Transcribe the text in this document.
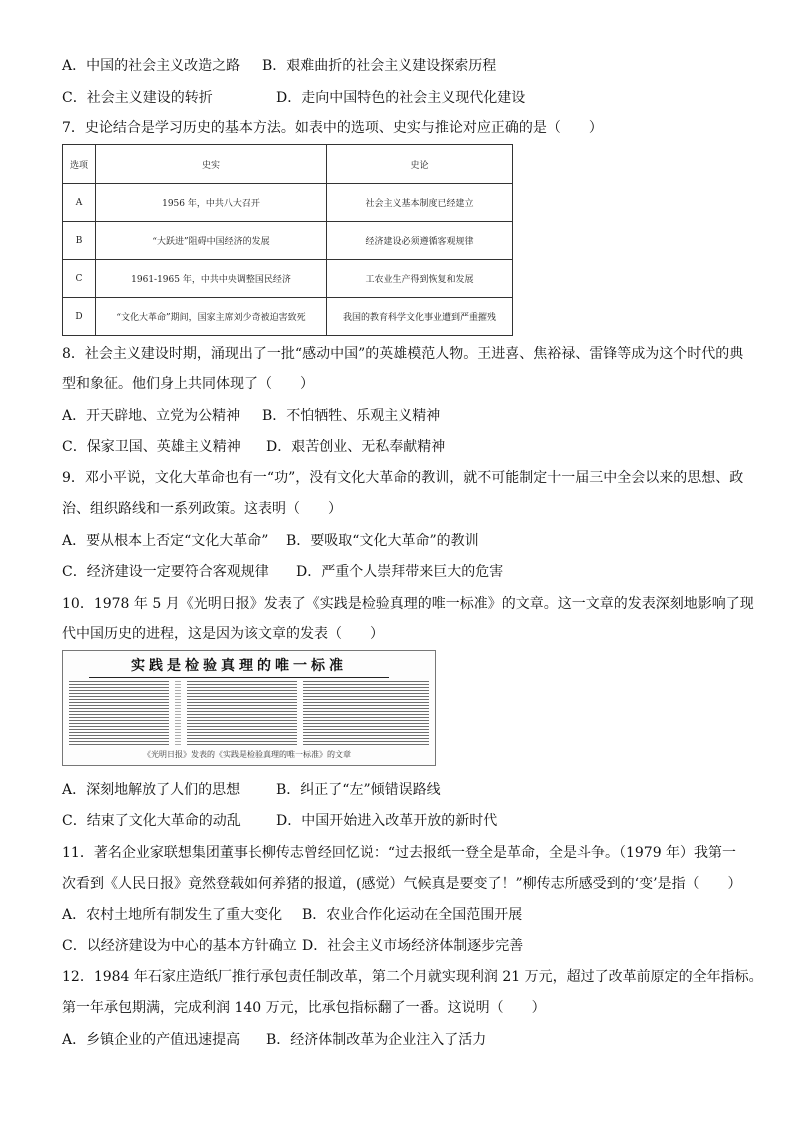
A．中国的社会主义改造之路 B．艰难曲折的社会主义建设探索历程
C．社会主义建设的转折	D．走向中国特色的社会主义现代化建设
7．史论结合是学习历史的基本方法。如表中的选项、史实与推论对应正确的是（　　）
选项	史实	史论
A	1956 年，中共八大召开	社会主义基本制度已经建立
B	“大跃进”阻碍中国经济的发展	经济建设必须遵循客观规律
C	1961-1965 年，中共中央调整国民经济	工农业生产得到恢复和发展
D	“文化大革命”期间，国家主席刘少奇被迫害致死	我国的教育科学文化事业遭到严重摧残
8．社会主义建设时期，涌现出了一批“感动中国”的英雄模范人物。王进喜、焦裕禄、雷锋等成为这个时代的典
型和象征。他们身上共同体现了（　　）
A．开天辟地、立党为公精神 B．不怕牺牲、乐观主义精神
C．保家卫国、英雄主义精神 D．艰苦创业、无私奉献精神
9．邓小平说，文化大革命也有一“功”，没有文化大革命的教训，就不可能制定十一届三中全会以来的思想、政
治、组织路线和一系列政策。这表明（　　）
A．要从根本上否定“文化大革命” B．要吸取“文化大革命”的教训
C．经济建设一定要符合客观规律 D．严重个人崇拜带来巨大的危害
10．1978 年 5 月《光明日报》发表了《实践是检验真理的唯一标准》的文章。这一文章的发表深刻地影响了现
代中国历史的进程，这是因为该文章的发表（　　）
实践是检验真理的唯一标准
《光明日报》发表的《实践是检验真理的唯一标准》的文章
A．深刻地解放了人们的思想	B．纠正了“左”倾错误路线
C．结束了文化大革命的动乱	D．中国开始进入改革开放的新时代
11．著名企业家联想集团董事长柳传志曾经回忆说：“过去报纸一登全是革命，全是斗争。（1979 年）我第一
次看到《人民日报》竟然登载如何养猪的报道，(感觉）气候真是要变了！”柳传志所感受到的‘变’是指（　　）
A．农村土地所有制发生了重大变化 B．农业合作化运动在全国范围开展
C．以经济建设为中心的基本方针确立 D．社会主义市场经济体制逐步完善
12．1984 年石家庄造纸厂推行承包责任制改革，第二个月就实现利润 21 万元，超过了改革前原定的全年指标。
第一年承包期满，完成利润 140 万元，比承包指标翻了一番。这说明（　　）
A．乡镇企业的产值迅速提高 B．经济体制改革为企业注入了活力
